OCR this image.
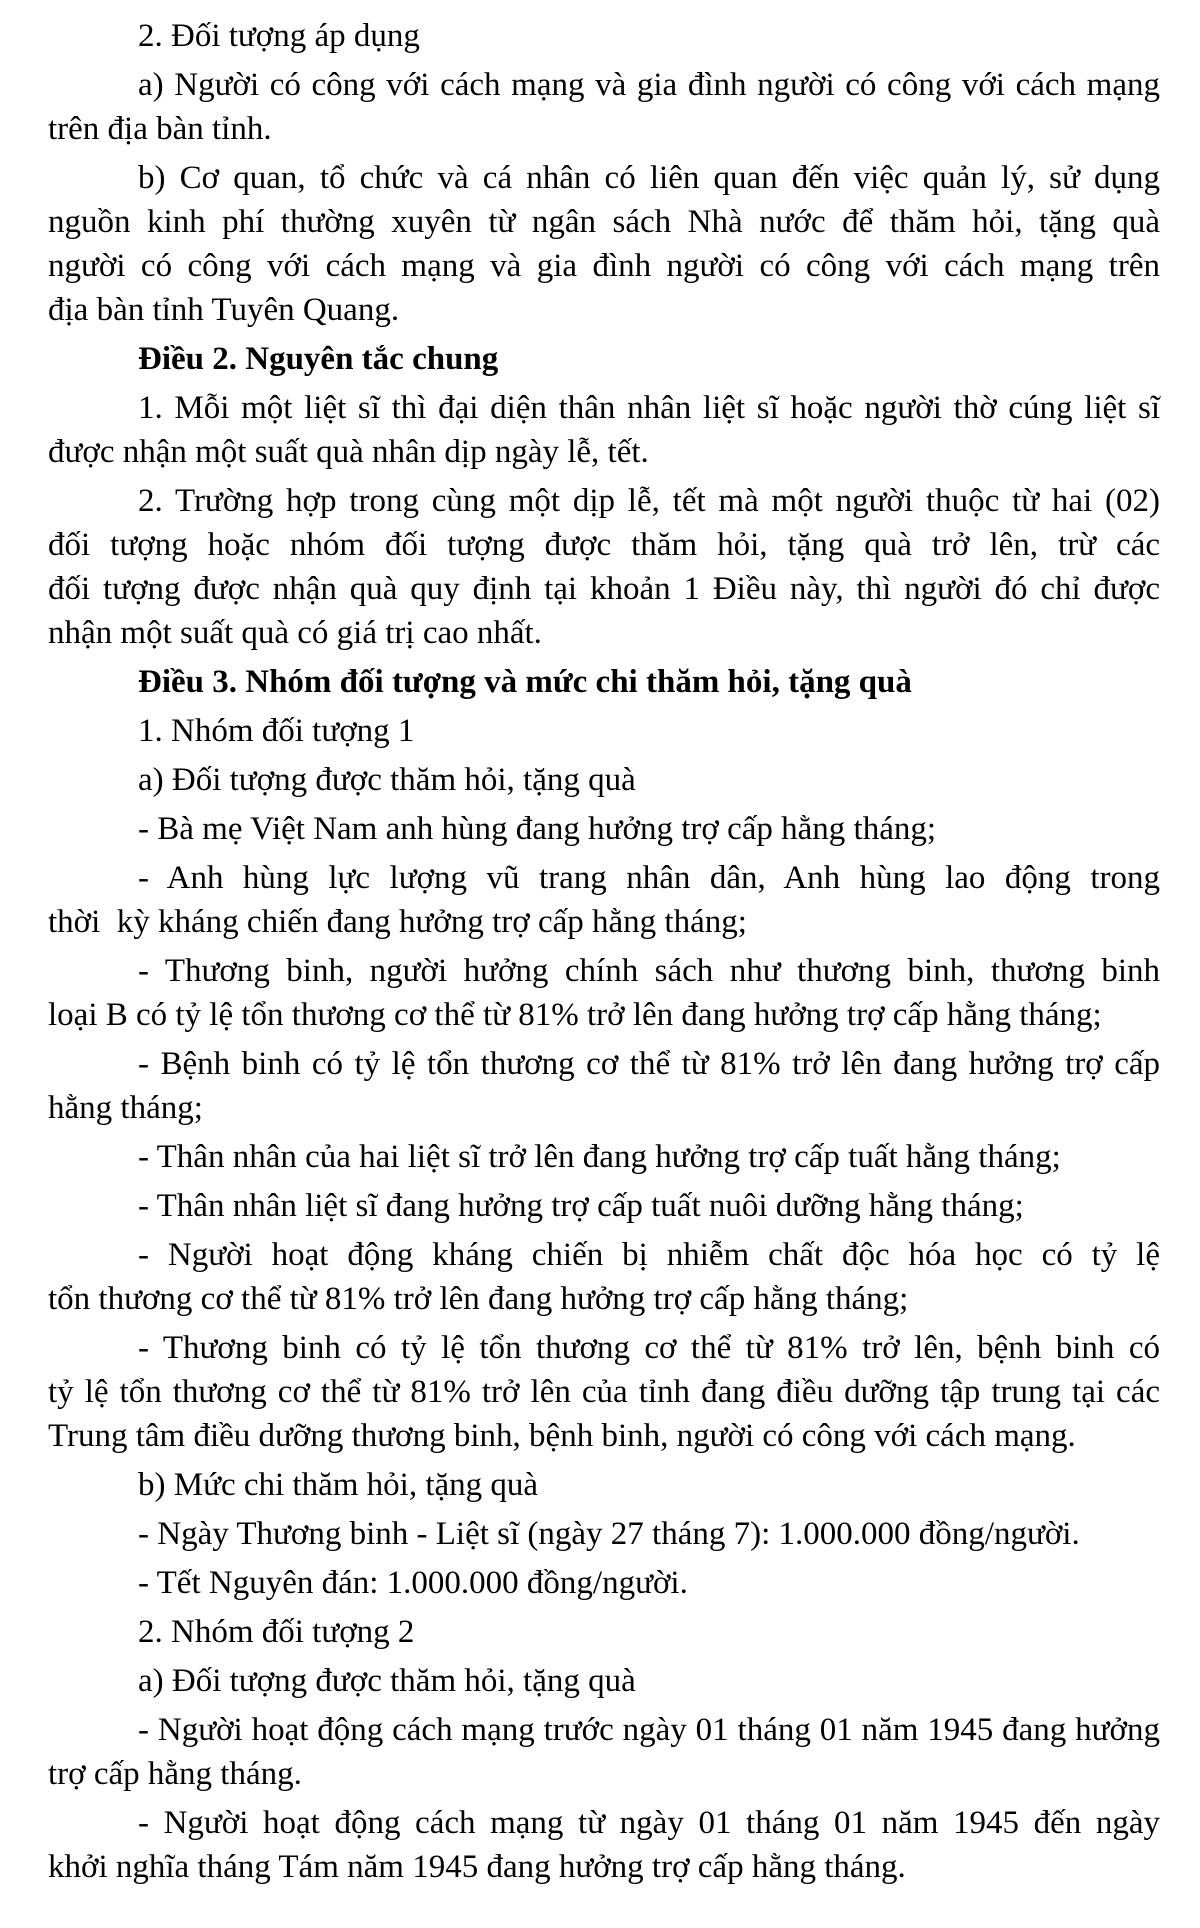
2. Đối tượng áp dụng
a) Người có công với cách mạng và gia đình người có công với cách mạng
trên địa bàn tỉnh.
b) Cơ quan, tổ chức và cá nhân có liên quan đến việc quản lý, sử dụng
nguồn kinh phí thường xuyên từ ngân sách Nhà nước để thăm hỏi, tặng quà
người có công với cách mạng và gia đình người có công với cách mạng trên
địa bàn tỉnh Tuyên Quang.
Điều 2. Nguyên tắc chung
1. Mỗi một liệt sĩ thì đại diện thân nhân liệt sĩ hoặc người thờ cúng liệt sĩ
được nhận một suất quà nhân dịp ngày lễ, tết.
2. Trường hợp trong cùng một dịp lễ, tết mà một người thuộc từ hai (02)
đối tượng hoặc nhóm đối tượng được thăm hỏi, tặng quà trở lên, trừ các
đối tượng được nhận quà quy định tại khoản 1 Điều này, thì người đó chỉ được
nhận một suất quà có giá trị cao nhất.
Điều 3. Nhóm đối tượng và mức chi thăm hỏi, tặng quà
1. Nhóm đối tượng 1
a) Đối tượng được thăm hỏi, tặng quà
- Bà mẹ Việt Nam anh hùng đang hưởng trợ cấp hằng tháng;
- Anh hùng lực lượng vũ trang nhân dân, Anh hùng lao động trong
thời  kỳ kháng chiến đang hưởng trợ cấp hằng tháng;
- Thương binh, người hưởng chính sách như thương binh, thương binh
loại B có tỷ lệ tổn thương cơ thể từ 81% trở lên đang hưởng trợ cấp hằng tháng;
- Bệnh binh có tỷ lệ tổn thương cơ thể từ 81% trở lên đang hưởng trợ cấp
hằng tháng;
- Thân nhân của hai liệt sĩ trở lên đang hưởng trợ cấp tuất hằng tháng;
- Thân nhân liệt sĩ đang hưởng trợ cấp tuất nuôi dưỡng hằng tháng;
- Người hoạt động kháng chiến bị nhiễm chất độc hóa học có tỷ lệ
tổn thương cơ thể từ 81% trở lên đang hưởng trợ cấp hằng tháng;
- Thương binh có tỷ lệ tổn thương cơ thể từ 81% trở lên, bệnh binh có
tỷ lệ tổn thương cơ thể từ 81% trở lên của tỉnh đang điều dưỡng tập trung tại các
Trung tâm điều dưỡng thương binh, bệnh binh, người có công với cách mạng.
b) Mức chi thăm hỏi, tặng quà
- Ngày Thương binh - Liệt sĩ (ngày 27 tháng 7): 1.000.000 đồng/người.
- Tết Nguyên đán: 1.000.000 đồng/người.
2. Nhóm đối tượng 2
a) Đối tượng được thăm hỏi, tặng quà
- Người hoạt động cách mạng trước ngày 01 tháng 01 năm 1945 đang hưởng
trợ cấp hằng tháng.
- Người hoạt động cách mạng từ ngày 01 tháng 01 năm 1945 đến ngày
khởi nghĩa tháng Tám năm 1945 đang hưởng trợ cấp hằng tháng.
